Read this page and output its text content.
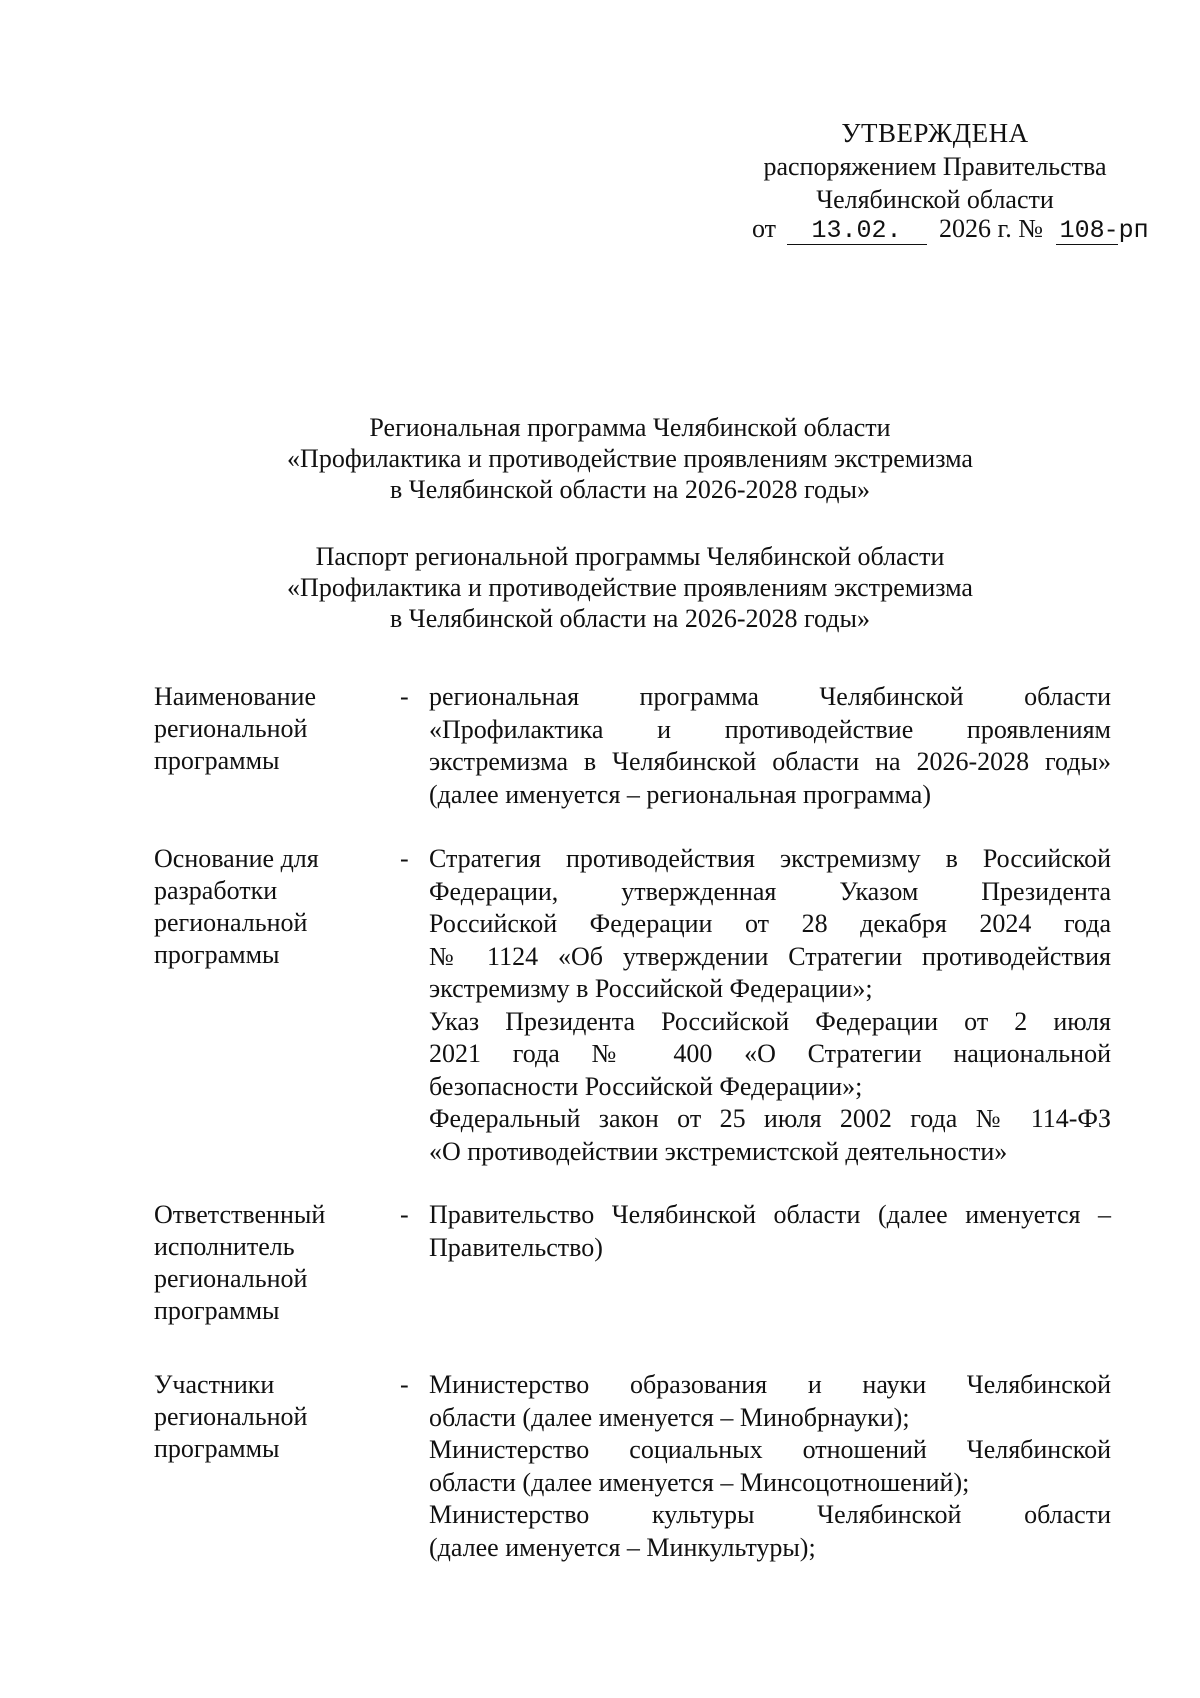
УТВЕРЖДЕНА
распоряжением Правительства
Челябинской области
от 13.02. 2026 г. № 108-рп
Региональная программа Челябинской области
«Профилактика и противодействие проявлениям экстремизма
в Челябинской области на 2026-2028 годы»
Паспорт региональной программы Челябинской области
«Профилактика и противодействие проявлениям экстремизма
в Челябинской области на 2026-2028 годы»
Наименование
региональной
программы
- региональная программа Челябинской области
«Профилактика и противодействие проявлениям
экстремизма в Челябинской области на 2026-2028 годы»
(далее именуется – региональная программа)
Основание для
разработки
региональной
программы
- Стратегия противодействия экстремизму в Российской
Федерации, утвержденная Указом Президента
Российской Федерации от 28 декабря 2024 года
№ 1124 «Об утверждении Стратегии противодействия
экстремизму в Российской Федерации»;
Указ Президента Российской Федерации от 2 июля
2021 года № 400 «О Стратегии национальной
безопасности Российской Федерации»;
Федеральный закон от 25 июля 2002 года № 114-ФЗ
«О противодействии экстремистской деятельности»
Ответственный
исполнитель
региональной
программы
- Правительство Челябинской области (далее именуется –
Правительство)
Участники
региональной
программы
- Министерство образования и науки Челябинской
области (далее именуется – Минобрнауки);
Министерство социальных отношений Челябинской
области (далее именуется – Минсоцотношений);
Министерство культуры Челябинской области
(далее именуется – Минкультуры);
